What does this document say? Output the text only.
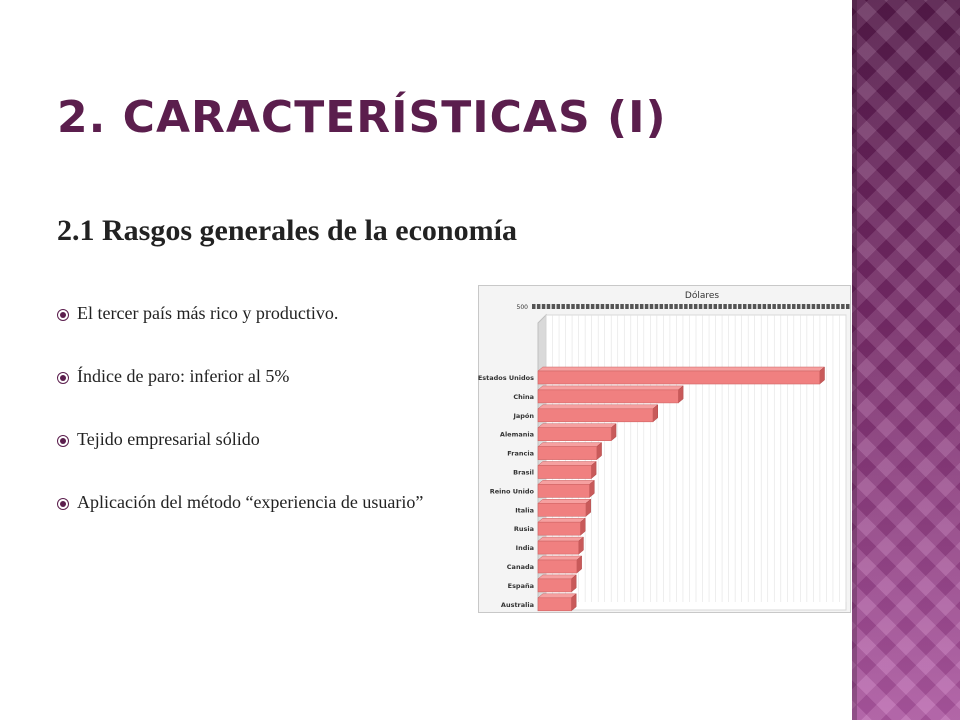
2. CARACTERÍSTICAS (I)
2.1 Rasgos generales de la economía
El tercer país más rico y productivo.
Índice de paro: inferior al 5%
Tejido empresarial sólido
Aplicación del método “experiencia de usuario”
Dólares
500
Estados Unidos
China
Japón
Alemania
Francia
Brasil
Reino Unido
Italia
Rusia
India
Canada
España
Australia
